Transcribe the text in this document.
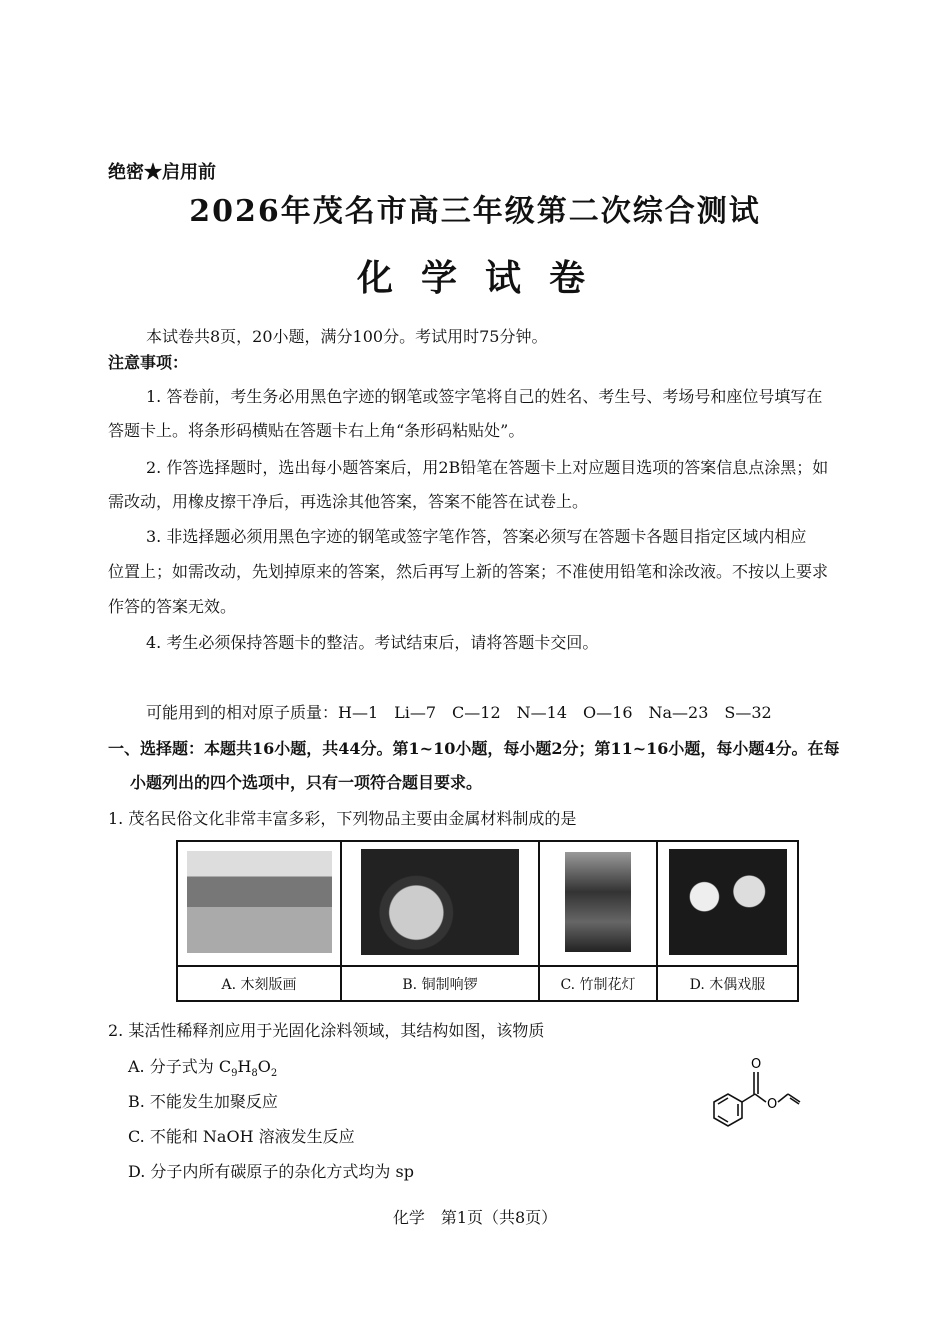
绝密★启用前
2026年茂名市高三年级第二次综合测试
化学试卷
本试卷共8页，20小题，满分100分。考试用时75分钟。
注意事项：
1. 答卷前，考生务必用黑色字迹的钢笔或签字笔将自己的姓名、考生号、考场号和座位号填写在
答题卡上。将条形码横贴在答题卡右上角“条形码粘贴处”。
2. 作答选择题时，选出每小题答案后，用2B铅笔在答题卡上对应题目选项的答案信息点涂黑；如
需改动，用橡皮擦干净后，再选涂其他答案，答案不能答在试卷上。
3. 非选择题必须用黑色字迹的钢笔或签字笔作答，答案必须写在答题卡各题目指定区域内相应
位置上；如需改动，先划掉原来的答案，然后再写上新的答案；不准使用铅笔和涂改液。不按以上要求
作答的答案无效。
4. 考生必须保持答题卡的整洁。考试结束后，请将答题卡交回。
可能用到的相对原子质量：H—1　Li—7　C—12　N—14　O—16　Na—23　S—32
一、选择题：本题共16小题，共44分。第1~10小题，每小题2分；第11~16小题，每小题4分。在每
小题列出的四个选项中，只有一项符合题目要求。
1. 茂名民俗文化非常丰富多彩，下列物品主要由金属材料制成的是

A. 木刻版画	B. 铜制响锣	C. 竹制花灯	D. 木偶戏服
2. 某活性稀释剂应用于光固化涂料领域，其结构如图，该物质
A. 分子式为 $C_9H_8O_2$
B. 不能发生加聚反应
C. 不能和 NaOH 溶液发生反应
D. 分子内所有碳原子的杂化方式均为 sp
O
O
化学　第1页（共8页）
